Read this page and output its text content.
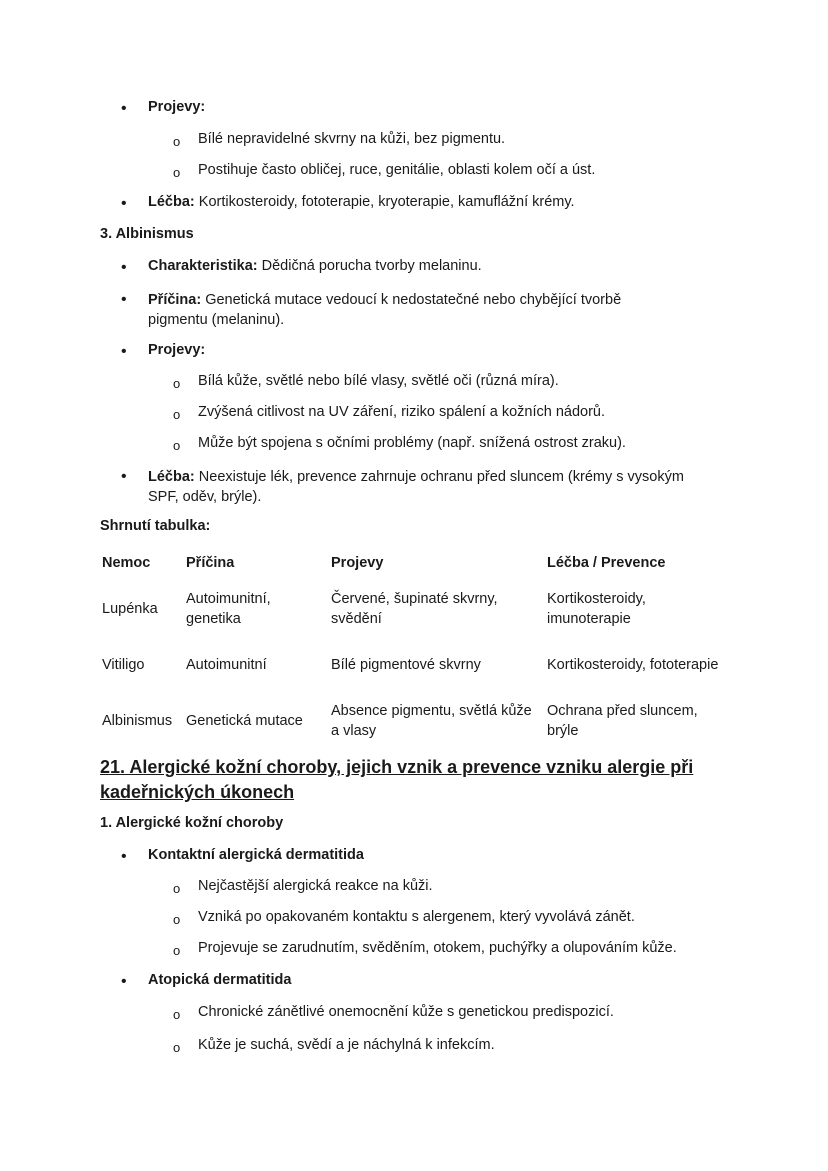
• Projevy:
o Bílé nepravidelné skvrny na kůži, bez pigmentu.
o Postihuje často obličej, ruce, genitálie, oblasti kolem očí a úst.
• Léčba: Kortikosteroidy, fototerapie, kryoterapie, kamuflážní krémy.
3. Albinismus
• Charakteristika: Dědičná porucha tvorby melaninu.
• Příčina: Genetická mutace vedoucí k nedostatečné nebo chybějící tvorbě pigmentu (melaninu).
• Projevy:
o Bílá kůže, světlé nebo bílé vlasy, světlé oči (různá míra).
o Zvýšená citlivost na UV záření, riziko spálení a kožních nádorů.
o Může být spojena s očními problémy (např. snížená ostrost zraku).
• Léčba: Neexistuje lék, prevence zahrnuje ochranu před sluncem (krémy s vysokým SPF, oděv, brýle).
Shrnutí tabulka:
Nemoc	Příčina	Projevy	Léčba / Prevence
Lupénka	Autoimunitní, genetika	Červené, šupinaté skvrny, svědění	Kortikosteroidy, imunoterapie
Vitiligo	Autoimunitní	Bílé pigmentové skvrny	Kortikosteroidy, fototerapie
Albinismus	Genetická mutace	Absence pigmentu, světlá kůže a vlasy	Ochrana před sluncem, brýle
21. Alergické kožní choroby, jejich vznik a prevence vzniku alergie při kadeřnických úkonech
1. Alergické kožní choroby
• Kontaktní alergická dermatitida
o Nejčastější alergická reakce na kůži.
o Vzniká po opakovaném kontaktu s alergenem, který vyvolává zánět.
o Projevuje se zarudnutím, svěděním, otokem, puchýřky a olupováním kůže.
• Atopická dermatitida
o Chronické zánětlivé onemocnění kůže s genetickou predispozicí.
o Kůže je suchá, svědí a je náchylná k infekcím.
